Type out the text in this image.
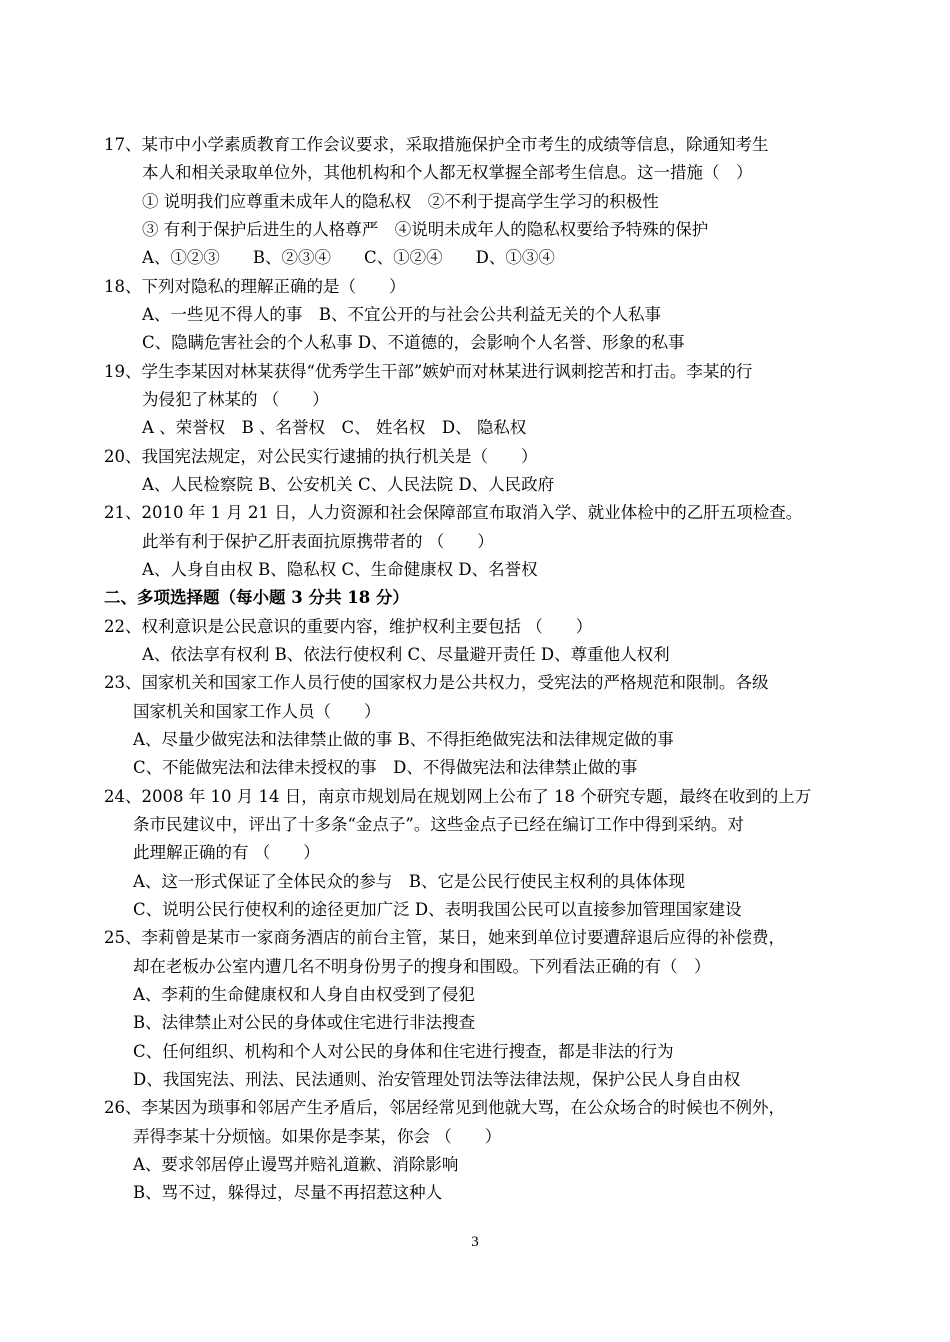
17、某市中小学素质教育工作会议要求，采取措施保护全市考生的成绩等信息，除通知考生
本人和相关录取单位外，其他机构和个人都无权掌握全部考生信息。这一措施（　）
① 说明我们应尊重未成年人的隐私权　②不利于提高学生学习的积极性
③ 有利于保护后进生的人格尊严　④说明未成年人的隐私权要给予特殊的保护
A、①②③　　B、②③④　　C、①②④　　D、①③④
18、下列对隐私的理解正确的是（　　）
A、一些见不得人的事　B、不宜公开的与社会公共利益无关的个人私事
C、隐瞒危害社会的个人私事 D、不道德的，会影响个人名誉、形象的私事
19、学生李某因对林某获得“优秀学生干部”嫉妒而对林某进行讽刺挖苦和打击。李某的行
为侵犯了林某的 （　　）
A 、荣誉权　B 、名誉权　C、 姓名权　D、 隐私权
20、我国宪法规定，对公民实行逮捕的执行机关是（　　）
A、人民检察院 B、公安机关 C、人民法院 D、人民政府
21、2010 年 1 月 21 日，人力资源和社会保障部宣布取消入学、就业体检中的乙肝五项检查。
此举有利于保护乙肝表面抗原携带者的 （　　）
A、人身自由权 B、隐私权 C、生命健康权 D、名誉权
二、多项选择题（每小题 3 分共 18 分）
22、权利意识是公民意识的重要内容，维护权利主要包括 （　　）
A、依法享有权利 B、依法行使权利 C、尽量避开责任 D、尊重他人权利
23、国家机关和国家工作人员行使的国家权力是公共权力，受宪法的严格规范和限制。各级
国家机关和国家工作人员（　　）
A、尽量少做宪法和法律禁止做的事 B、不得拒绝做宪法和法律规定做的事
C、不能做宪法和法律未授权的事　D、不得做宪法和法律禁止做的事
24、2008 年 10 月 14 日，南京市规划局在规划网上公布了 18 个研究专题，最终在收到的上万
条市民建议中，评出了十多条“金点子”。这些金点子已经在编订工作中得到采纳。对
此理解正确的有 （　　）
A、这一形式保证了全体民众的参与　B、它是公民行使民主权利的具体体现
C、说明公民行使权利的途径更加广泛 D、表明我国公民可以直接参加管理国家建设
25、李莉曾是某市一家商务酒店的前台主管，某日，她来到单位讨要遭辞退后应得的补偿费，
却在老板办公室内遭几名不明身份男子的搜身和围殴。下列看法正确的有（　）
A、李莉的生命健康权和人身自由权受到了侵犯
B、法律禁止对公民的身体或住宅进行非法搜查
C、任何组织、机构和个人对公民的身体和住宅进行搜查，都是非法的行为
D、我国宪法、刑法、民法通则、治安管理处罚法等法律法规，保护公民人身自由权
26、李某因为琐事和邻居产生矛盾后，邻居经常见到他就大骂，在公众场合的时候也不例外，
弄得李某十分烦恼。如果你是李某，你会 （　　）
A、要求邻居停止谩骂并赔礼道歉、消除影响
B、骂不过，躲得过，尽量不再招惹这种人
3
